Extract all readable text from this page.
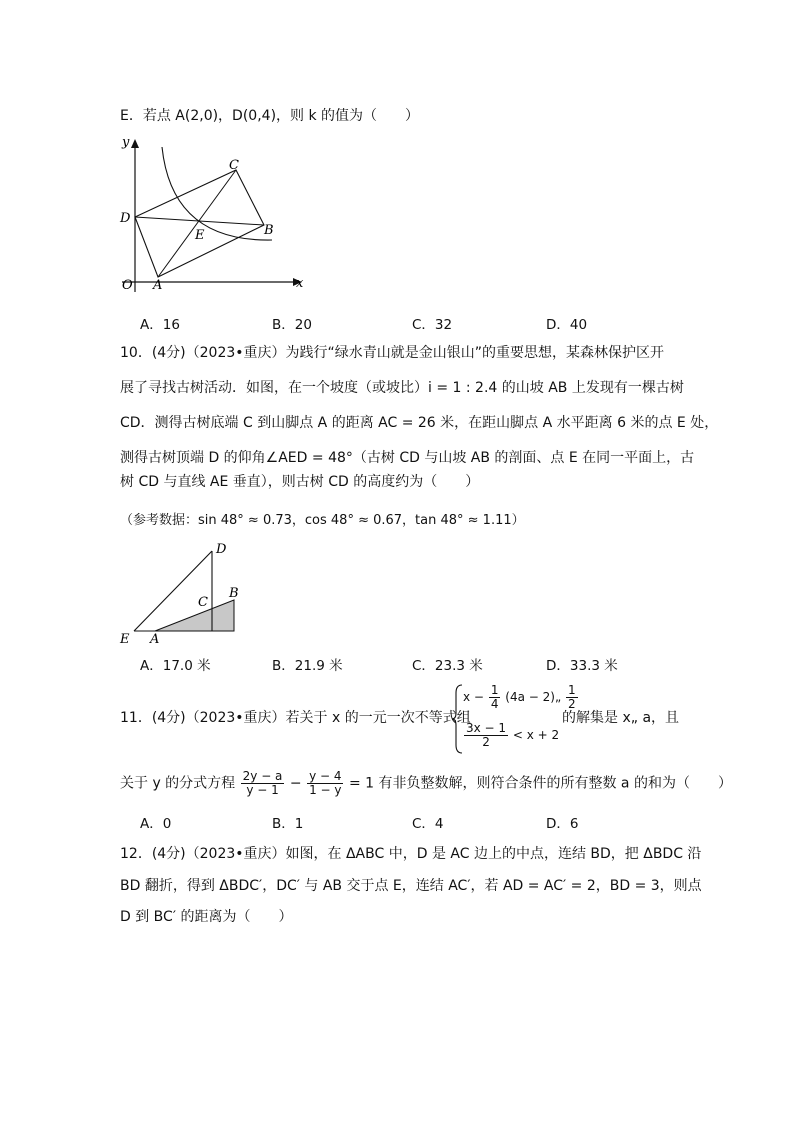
E．若点 A(2,0)，D(0,4)，则 k 的值为（　　）
y
x
O A
B
C
D
E
A．16	B．20	C．32	D．40
10．(4分)（2023•重庆）为践行“绿水青山就是金山银山”的重要思想，某森林保护区开
展了寻找古树活动．如图，在一个坡度（或坡比）i = 1 : 2.4 的山坡 AB 上发现有一棵古树
CD．测得古树底端 C 到山脚点 A 的距离 AC = 26 米，在距山脚点 A 水平距离 6 米的点 E 处，
测得古树顶端 D 的仰角∠AED = 48°（古树 CD 与山坡 AB 的剖面、点 E 在同一平面上，古
树 CD 与直线 AE 垂直），则古树 CD 的高度约为（　　）
（参考数据：sin 48° ≈ 0.73，cos 48° ≈ 0.67，tan 48° ≈ 1.11）
D
C
B
E A
A．17.0 米	B．21.9 米	C．23.3 米	D．33.3 米
11．(4分)（2023•重庆）若关于 x 的一元一次不等式组
$x - \frac{1}{4} (4a$ − 2)„ $\frac{1}{2}$
$\frac{3x - 1}{2} < x + 2$
的解集是 x„ a，且
关于 y 的分式方程 $\frac{2y - a}{y - 1} - \frac{y - 4}{1 - y} = 1$ 有非负整数解，则符合条件的所有整数 a 的和为（　　）
A．0	B．1	C．4	D．6
12．(4分)（2023•重庆）如图，在 ΔABC 中，D 是 AC 边上的中点，连结 BD，把 ΔBDC 沿
BD 翻折，得到 ΔBDC′，DC′ 与 AB 交于点 E，连结 AC′，若 AD = AC′ = 2，BD = 3，则点
D 到 BC′ 的距离为（　　）
